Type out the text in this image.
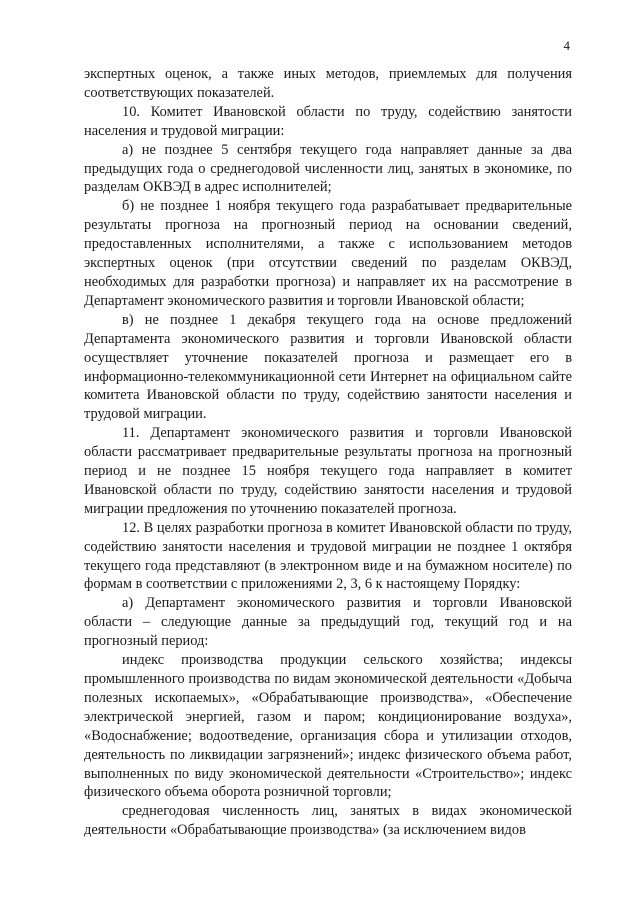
4

экспертных оценок, а также иных методов, приемлемых для получения соответствующих показателей.

10. Комитет Ивановской области по труду, содействию занятости населения и трудовой миграции:

а) не позднее 5 сентября текущего года направляет данные за два предыдущих года о среднегодовой численности лиц, занятых в экономике, по разделам ОКВЭД в адрес исполнителей;

б) не позднее 1 ноября текущего года разрабатывает предварительные результаты прогноза на прогнозный период на основании сведений, предоставленных исполнителями, а также с использованием методов экспертных оценок (при отсутствии сведений по разделам ОКВЭД, необходимых для разработки прогноза) и направляет их на рассмотрение в Департамент экономического развития и торговли Ивановской области;

в) не позднее 1 декабря текущего года на основе предложений Департамента экономического развития и торговли Ивановской области осуществляет уточнение показателей прогноза и размещает его в информационно-телекоммуникационной сети Интернет на официальном сайте комитета Ивановской области по труду, содействию занятости населения и трудовой миграции.

11. Департамент экономического развития и торговли Ивановской области рассматривает предварительные результаты прогноза на прогнозный период и не позднее 15 ноября текущего года направляет в комитет Ивановской области по труду, содействию занятости населения и трудовой миграции предложения по уточнению показателей прогноза.

12. В целях разработки прогноза в комитет Ивановской области по труду, содействию занятости населения и трудовой миграции не позднее 1 октября текущего года представляют (в электронном виде и на бумажном носителе) по формам в соответствии с приложениями 2, 3, 6 к настоящему Порядку:

а) Департамент экономического развития и торговли Ивановской области – следующие данные за предыдущий год, текущий год и на прогнозный период:

индекс производства продукции сельского хозяйства; индексы промышленного производства по видам экономической деятельности «Добыча полезных ископаемых», «Обрабатывающие производства», «Обеспечение электрической энергией, газом и паром; кондиционирование воздуха», «Водоснабжение; водоотведение, организация сбора и утилизации отходов, деятельность по ликвидации загрязнений»; индекс физического объема работ, выполненных по виду экономической деятельности «Строительство»; индекс физического объема оборота розничной торговли;

среднегодовая численность лиц, занятых в видах экономической деятельности «Обрабатывающие производства» (за исключением видов
